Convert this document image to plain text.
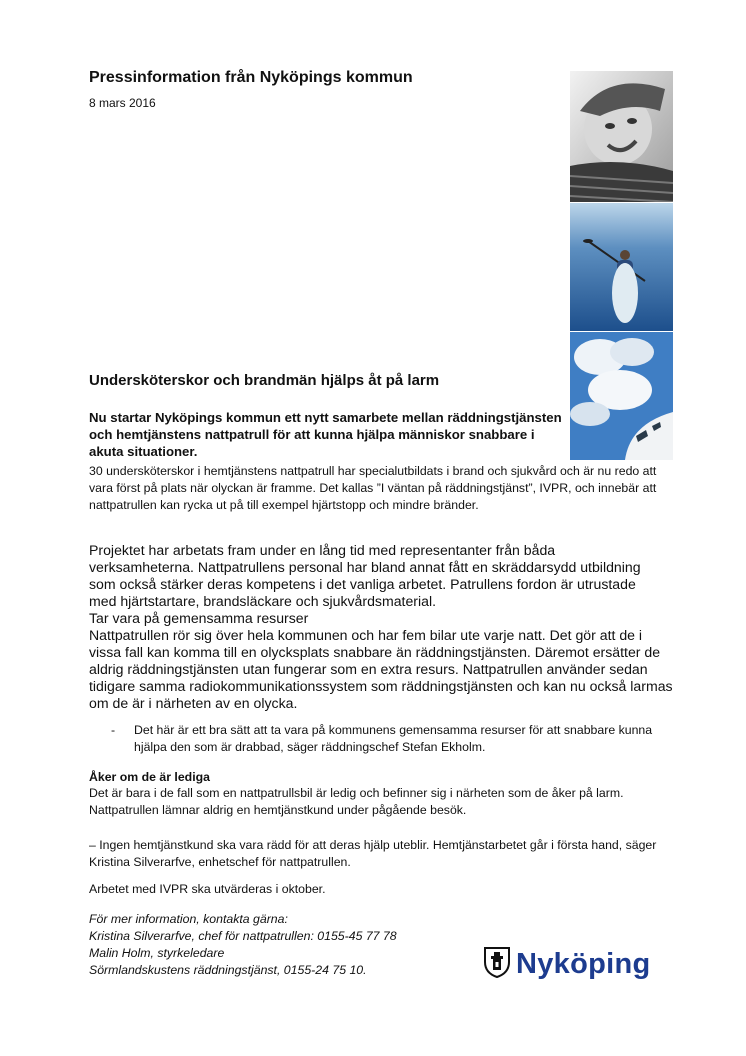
Pressinformation från Nyköpings kommun
8 mars 2016
Undersköterskor och brandmän hjälps åt på larm
Nu startar Nyköpings kommun ett nytt samarbete mellan räddningstjänsten och hemtjänstens nattpatrull för att kunna hjälpa människor snabbare i akuta situationer.
30 undersköterskor i hemtjänstens nattpatrull har specialutbildats i brand och sjukvård och är nu redo att vara först på plats när olyckan är framme. Det kallas ”I väntan på räddningstjänst”, IVPR, och innebär att nattpatrullen kan rycka ut på till exempel hjärtstopp och mindre bränder.
Projektet har arbetats fram under en lång tid med representanter från båda verksamheterna. Nattpatrullens personal har bland annat fått en skräddarsydd utbildning som också stärker deras kompetens i det vanliga arbetet. Patrullens fordon är utrustade med hjärtstartare, brandsläckare och sjukvårdsmaterial.
Tar vara på gemensamma resurser
Nattpatrullen rör sig över hela kommunen och har fem bilar ute varje natt. Det gör att de i vissa fall kan komma till en olycksplats snabbare än räddningstjänsten. Däremot ersätter de aldrig räddningstjänsten utan fungerar som en extra resurs. Nattpatrullen använder sedan tidigare samma radiokommunikationssystem som räddningstjänsten och kan nu också larmas om de är i närheten av en olycka.
- Det här är ett bra sätt att ta vara på kommunens gemensamma resurser för att snabbare kunna hjälpa den som är drabbad, säger räddningschef Stefan Ekholm.
Åker om de är lediga
Det är bara i de fall som en nattpatrullsbil är ledig och befinner sig i närheten som de åker på larm. Nattpatrullen lämnar aldrig en hemtjänstkund under pågående besök.
– Ingen hemtjänstkund ska vara rädd för att deras hjälp uteblir. Hemtjänstarbetet går i första hand, säger Kristina Silverarfve, enhetschef för nattpatrullen.
Arbetet med IVPR ska utvärderas i oktober.
För mer information, kontakta gärna:
Kristina Silverarfve, chef för nattpatrullen: 0155-45 77 78
Malin Holm, styrkeledare
Sörmlandskustens räddningstjänst, 0155-24 75 10.	Nyköping
